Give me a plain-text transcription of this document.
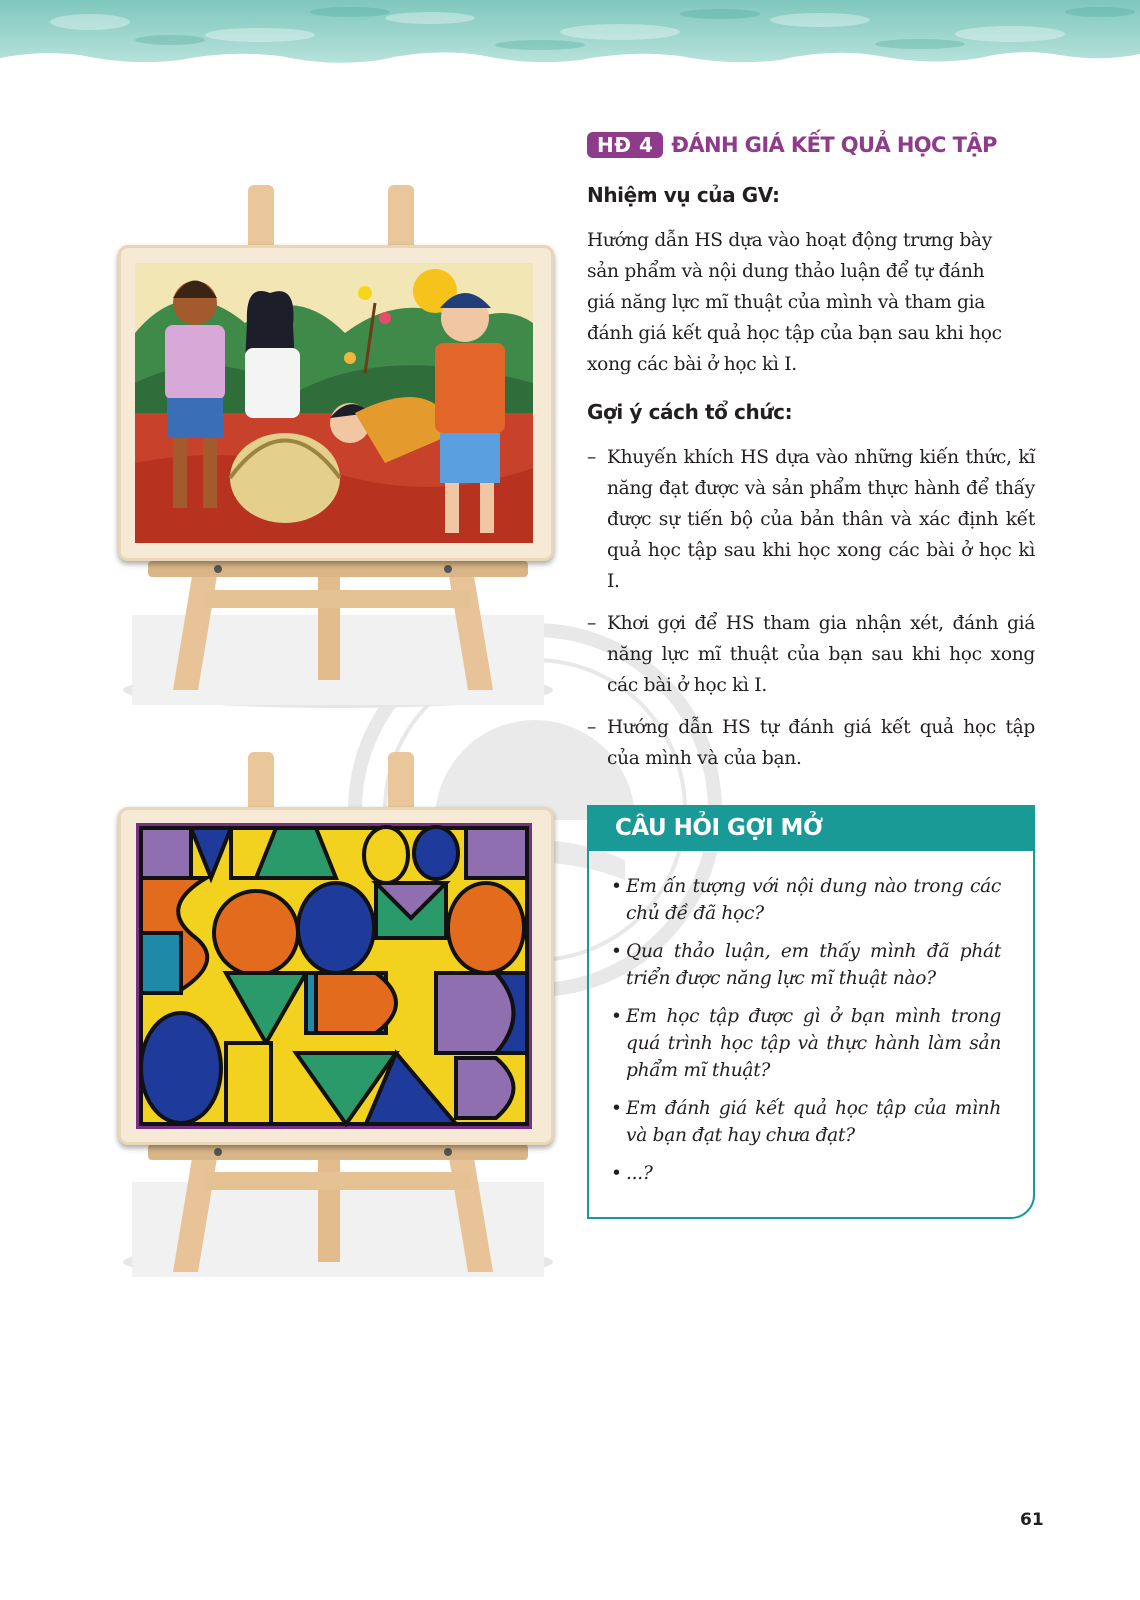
HĐ 4 ĐÁNH GIÁ KẾT QUẢ HỌC TẬP
Nhiệm vụ của GV:
Hướng dẫn HS dựa vào hoạt động trưng bày
sản phẩm và nội dung thảo luận để tự đánh
giá năng lực mĩ thuật của mình và tham gia
đánh giá kết quả học tập của bạn sau khi học
xong các bài ở học kì I.
Gợi ý cách tổ chức:
– Khuyến khích HS dựa vào những kiến thức, kĩ năng đạt được và sản phẩm thực hành để thấy được sự tiến bộ của bản thân và xác định kết quả học tập sau khi học xong các bài ở học kì I.
– Khơi gợi để HS tham gia nhận xét, đánh giá năng lực mĩ thuật của bạn sau khi học xong các bài ở học kì I.
– Hướng dẫn HS tự đánh giá kết quả học tập của mình và của bạn.
CÂU HỎI GỢI MỞ
• Em ấn tượng với nội dung nào trong các chủ đề đã học?
• Qua thảo luận, em thấy mình đã phát triển được năng lực mĩ thuật nào?
• Em học tập được gì ở bạn mình trong quá trình học tập và thực hành làm sản phẩm mĩ thuật?
• Em đánh giá kết quả học tập của mình và bạn đạt hay chưa đạt?
• ...?
61
